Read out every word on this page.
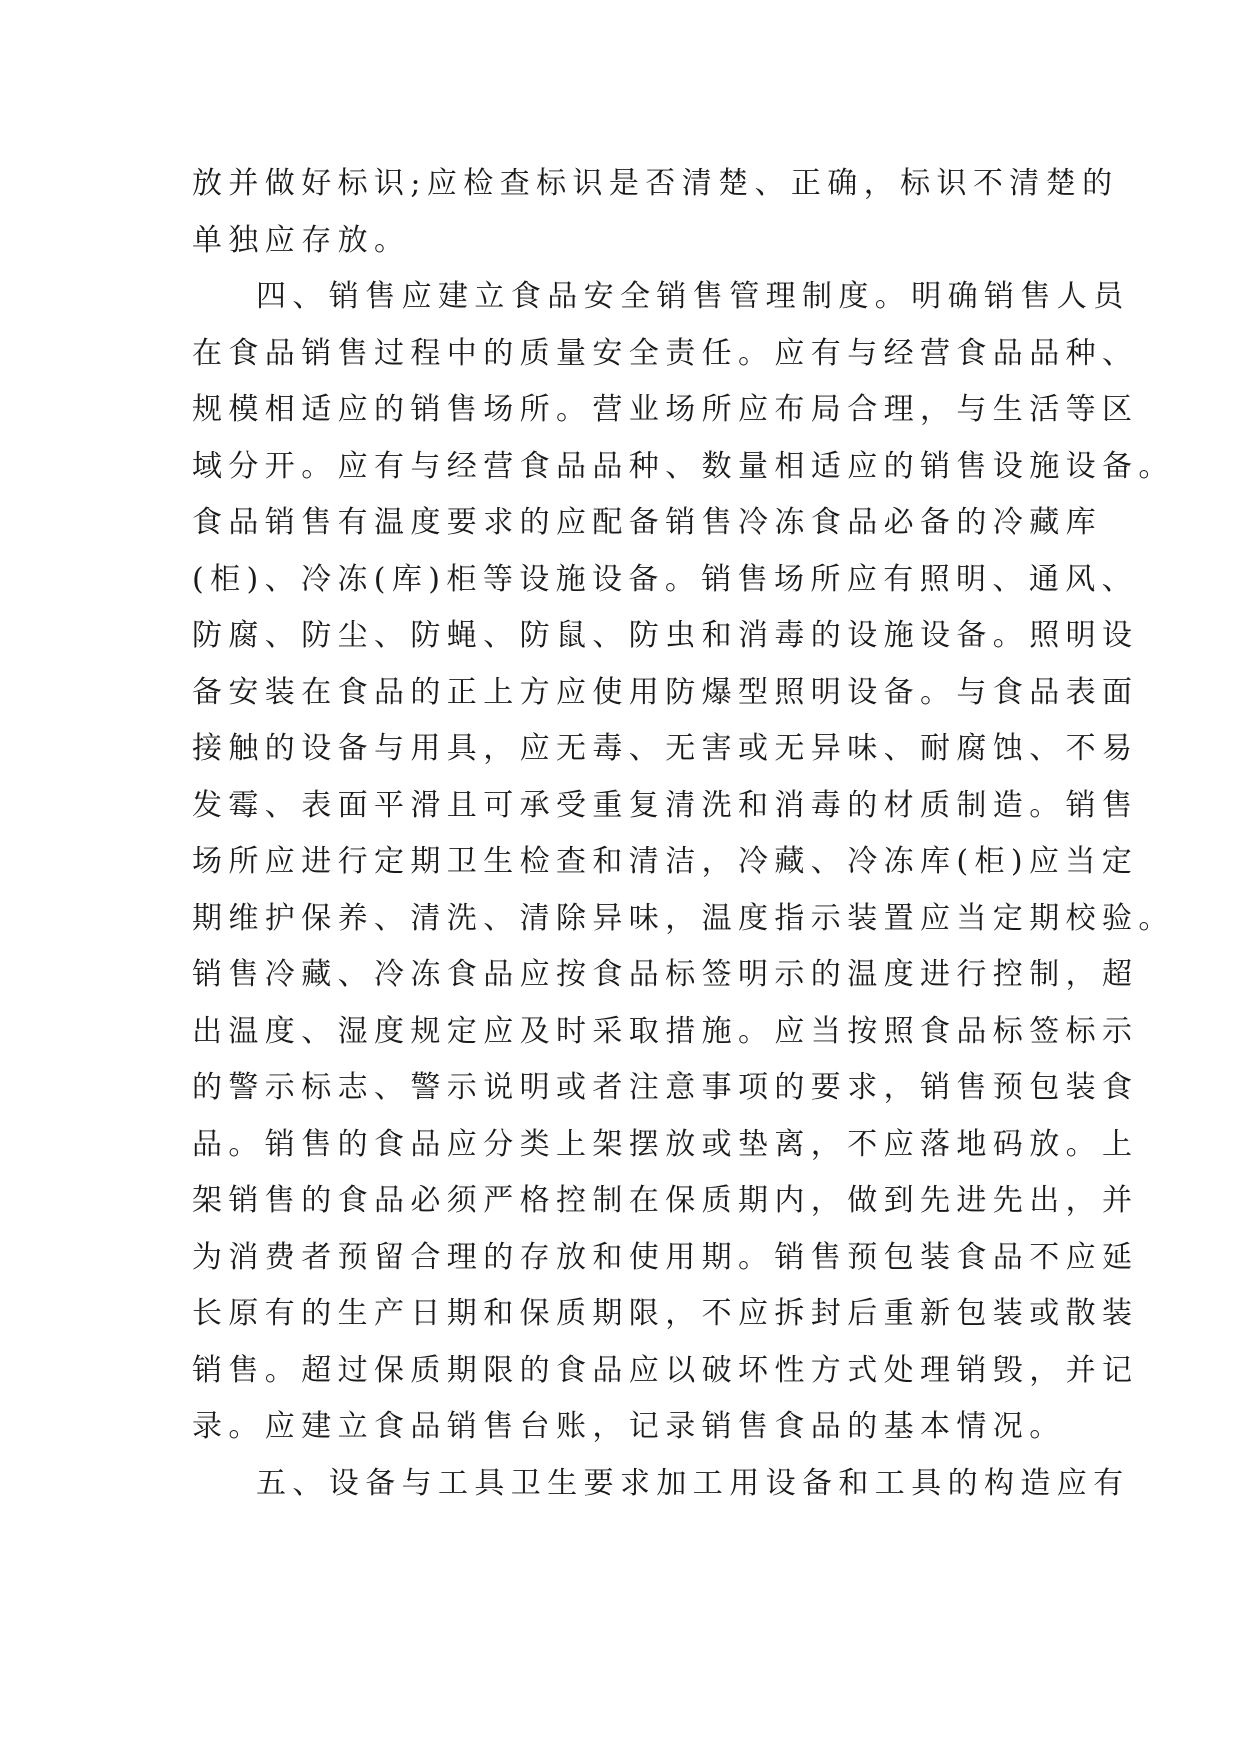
放并做好标识;应检查标识是否清楚、正确，标识不清楚的
单独应存放。
四、销售应建立食品安全销售管理制度。明确销售人员
在食品销售过程中的质量安全责任。应有与经营食品品种、
规模相适应的销售场所。营业场所应布局合理，与生活等区
域分开。应有与经营食品品种、数量相适应的销售设施设备。
食品销售有温度要求的应配备销售冷冻食品必备的冷藏库
(柜)、冷冻(库)柜等设施设备。销售场所应有照明、通风、
防腐、防尘、防蝇、防鼠、防虫和消毒的设施设备。照明设
备安装在食品的正上方应使用防爆型照明设备。与食品表面
接触的设备与用具，应无毒、无害或无异味、耐腐蚀、不易
发霉、表面平滑且可承受重复清洗和消毒的材质制造。销售
场所应进行定期卫生检查和清洁，冷藏、冷冻库(柜)应当定
期维护保养、清洗、清除异味，温度指示装置应当定期校验。
销售冷藏、冷冻食品应按食品标签明示的温度进行控制，超
出温度、湿度规定应及时采取措施。应当按照食品标签标示
的警示标志、警示说明或者注意事项的要求，销售预包装食
品。销售的食品应分类上架摆放或垫离，不应落地码放。上
架销售的食品必须严格控制在保质期内，做到先进先出，并
为消费者预留合理的存放和使用期。销售预包装食品不应延
长原有的生产日期和保质期限，不应拆封后重新包装或散装
销售。超过保质期限的食品应以破坏性方式处理销毁，并记
录。应建立食品销售台账，记录销售食品的基本情况。
五、设备与工具卫生要求加工用设备和工具的构造应有
